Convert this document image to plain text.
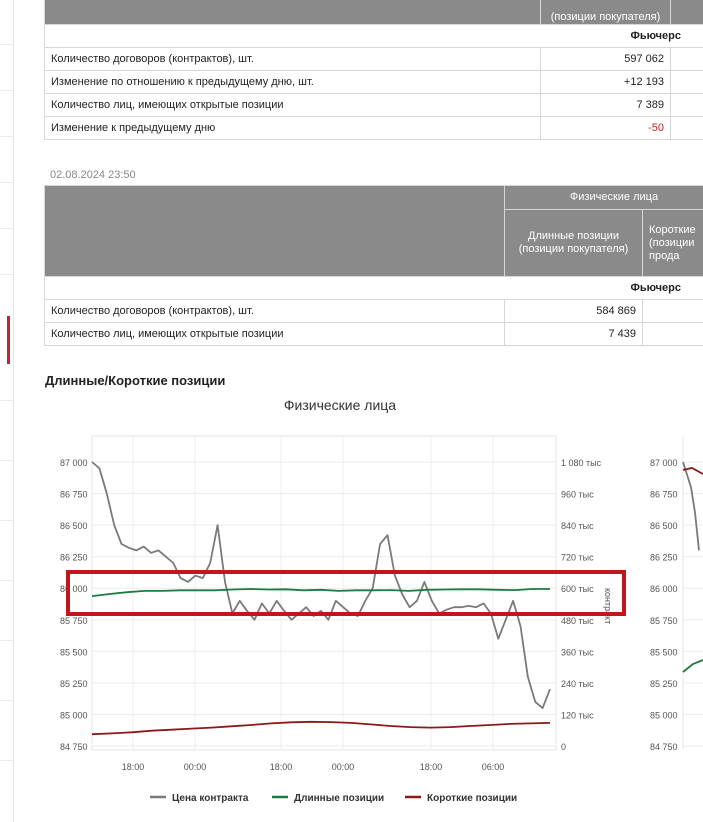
	(позиции покупателя)	
Фьючерс		
Количество договоров (контрактов), шт.	597 062	
Изменение по отношению к предыдущему дню, шт.	+12 193	
Количество лиц, имеющих открытые позиции	7 389	
Изменение к предыдущему дню	-50	
02.08.2024 23:50
	Физические лица	
	Длинные позиции (позиции покупателя)	Короткие (позиции прода
Фьючерс		
Количество договоров (контрактов), шт.	584 869	
Количество лиц, имеющих открытые позиции	7 439	
Длинные/Короткие позиции
Физические лица
87 000
86 750
86 500
86 250
86 000
85 750
85 500
85 250
85 000
84 750
1 080 тыс
960 тыс
840 тыс
720 тыс
600 тыс
480 тыс
360 тыс
240 тыс
120 тыс
0
контракт
18:00	00:00	18:00	00:00	18:00	06:00
Цена контракта	Длинные позиции	Короткие позиции
87 000
86 750
86 500
86 250
86 000
85 750
85 500
85 250
85 000
84 750
